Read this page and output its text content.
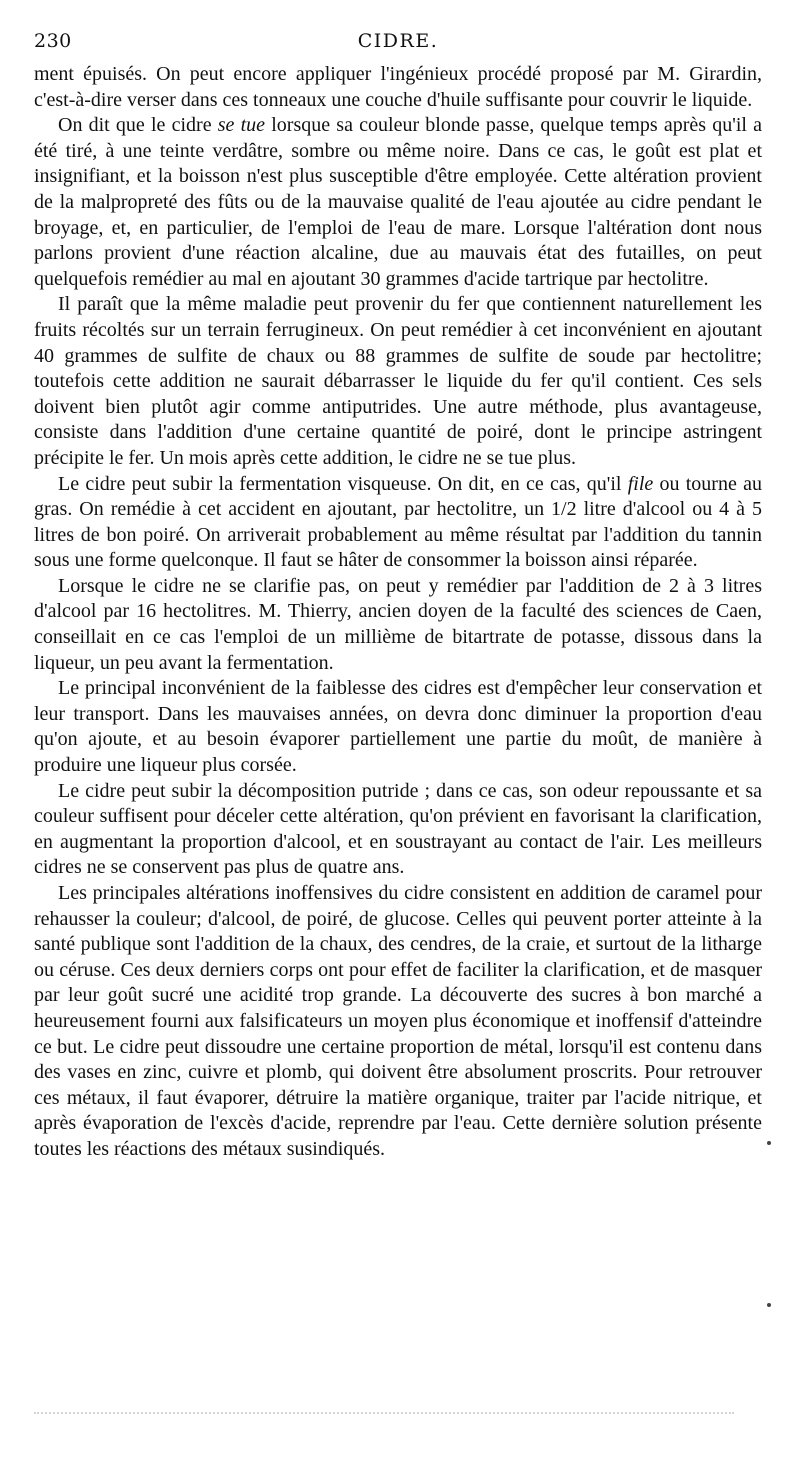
230	CIDRE.

ment épuisés. On peut encore appliquer l'ingénieux procédé proposé par M. Girardin, c'est-à-dire verser dans ces tonneaux une couche d'huile suffisante pour couvrir le liquide.

On dit que le cidre se tue lorsque sa couleur blonde passe, quelque temps après qu'il a été tiré, à une teinte verdâtre, sombre ou même noire. Dans ce cas, le goût est plat et insignifiant, et la boisson n'est plus susceptible d'être employée. Cette altération provient de la malpropreté des fûts ou de la mauvaise qualité de l'eau ajoutée au cidre pendant le broyage, et, en particulier, de l'emploi de l'eau de mare. Lorsque l'altération dont nous parlons provient d'une réaction alcaline, due au mauvais état des futailles, on peut quelquefois remédier au mal en ajoutant 30 grammes d'acide tartrique par hectolitre.

Il paraît que la même maladie peut provenir du fer que contiennent naturellement les fruits récoltés sur un terrain ferrugineux. On peut remédier à cet inconvénient en ajoutant 40 grammes de sulfite de chaux ou 88 grammes de sulfite de soude par hectolitre; toutefois cette addition ne saurait débarrasser le liquide du fer qu'il contient. Ces sels doivent bien plutôt agir comme antiputrides. Une autre méthode, plus avantageuse, consiste dans l'addition d'une certaine quantité de poiré, dont le principe astringent précipite le fer. Un mois après cette addition, le cidre ne se tue plus.

Le cidre peut subir la fermentation visqueuse. On dit, en ce cas, qu'il file ou tourne au gras. On remédie à cet accident en ajoutant, par hectolitre, un 1/2 litre d'alcool ou 4 à 5 litres de bon poiré. On arriverait probablement au même résultat par l'addition du tannin sous une forme quelconque. Il faut se hâter de consommer la boisson ainsi réparée.

Lorsque le cidre ne se clarifie pas, on peut y remédier par l'addition de 2 à 3 litres d'alcool par 16 hectolitres. M. Thierry, ancien doyen de la faculté des sciences de Caen, conseillait en ce cas l'emploi de un millième de bitartrate de potasse, dissous dans la liqueur, un peu avant la fermentation.

Le principal inconvénient de la faiblesse des cidres est d'empêcher leur conservation et leur transport. Dans les mauvaises années, on devra donc diminuer la proportion d'eau qu'on ajoute, et au besoin évaporer partiellement une partie du moût, de manière à produire une liqueur plus corsée.

Le cidre peut subir la décomposition putride ; dans ce cas, son odeur repoussante et sa couleur suffisent pour déceler cette altération, qu'on prévient en favorisant la clarification, en augmentant la proportion d'alcool, et en soustrayant au contact de l'air. Les meilleurs cidres ne se conservent pas plus de quatre ans.

Les principales altérations inoffensives du cidre consistent en addition de caramel pour rehausser la couleur; d'alcool, de poiré, de glucose. Celles qui peuvent porter atteinte à la santé publique sont l'addition de la chaux, des cendres, de la craie, et surtout de la litharge ou céruse. Ces deux derniers corps ont pour effet de faciliter la clarification, et de masquer par leur goût sucré une acidité trop grande. La découverte des sucres à bon marché a heureusement fourni aux falsificateurs un moyen plus économique et inoffensif d'atteindre ce but. Le cidre peut dissoudre une certaine proportion de métal, lorsqu'il est contenu dans des vases en zinc, cuivre et plomb, qui doivent être absolument proscrits. Pour retrouver ces métaux, il faut évaporer, détruire la matière organique, traiter par l'acide nitrique, et après évaporation de l'excès d'acide, reprendre par l'eau. Cette dernière solution présente toutes les réactions des métaux susindiqués.
